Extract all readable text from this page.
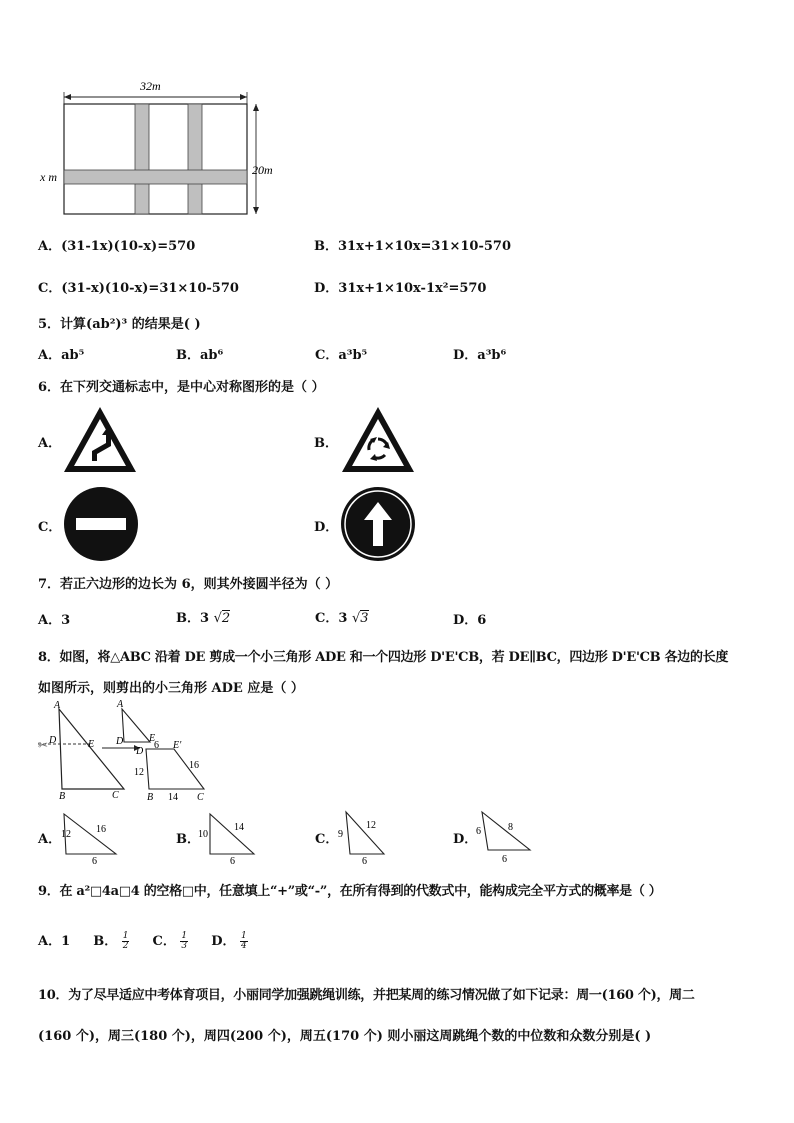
32m
20m
x m
A．(31-1x)(10-x)=570	B．31x+1×10x=31×10-570
C．(31-x)(10-x)=31×10-570	D．31x+1×10x-1x²=570
5．计算(ab²)³ 的结果是( )
A．ab⁵	B．ab⁶	C．a³b⁵	D．a³b⁶
6．在下列交通标志中，是中心对称图形的是（ ）
A．	B．
C．	D．
7．若正六边形的边长为 6，则其外接圆半径为（ ）
A．3	B．3 √2	C．3 √3	D．6
8．如图，将△ABC 沿着 DE 剪成一个小三角形 ADE 和一个四边形 D'E'CB，若 DE∥BC，四边形 D'E'CB 各边的长度
如图所示，则剪出的小三角形 ADE 应是（ ）
✂
A
D	E
B	C
A
D	E
D
E'
B	C
6
12
16
14
A． 12	16
6
B．
10
14
6
C． 9
12
6
D．
6	8
6
9．在 a²□4a□4 的空格□中，任意填上“+”或“-”，在所有得到的代数式中，能构成完全平方式的概率是（ ）
A．1 B． $\frac{1}{2}$ C． $\frac{1}{3}$ D． $\frac{1}{4}$
10．为了尽早适应中考体育项目，小丽同学加强跳绳训练，并把某周的练习情况做了如下记录：周一(160 个)，周二
(160 个)，周三(180 个)，周四(200 个)，周五(170 个) 则小丽这周跳绳个数的中位数和众数分别是( )
